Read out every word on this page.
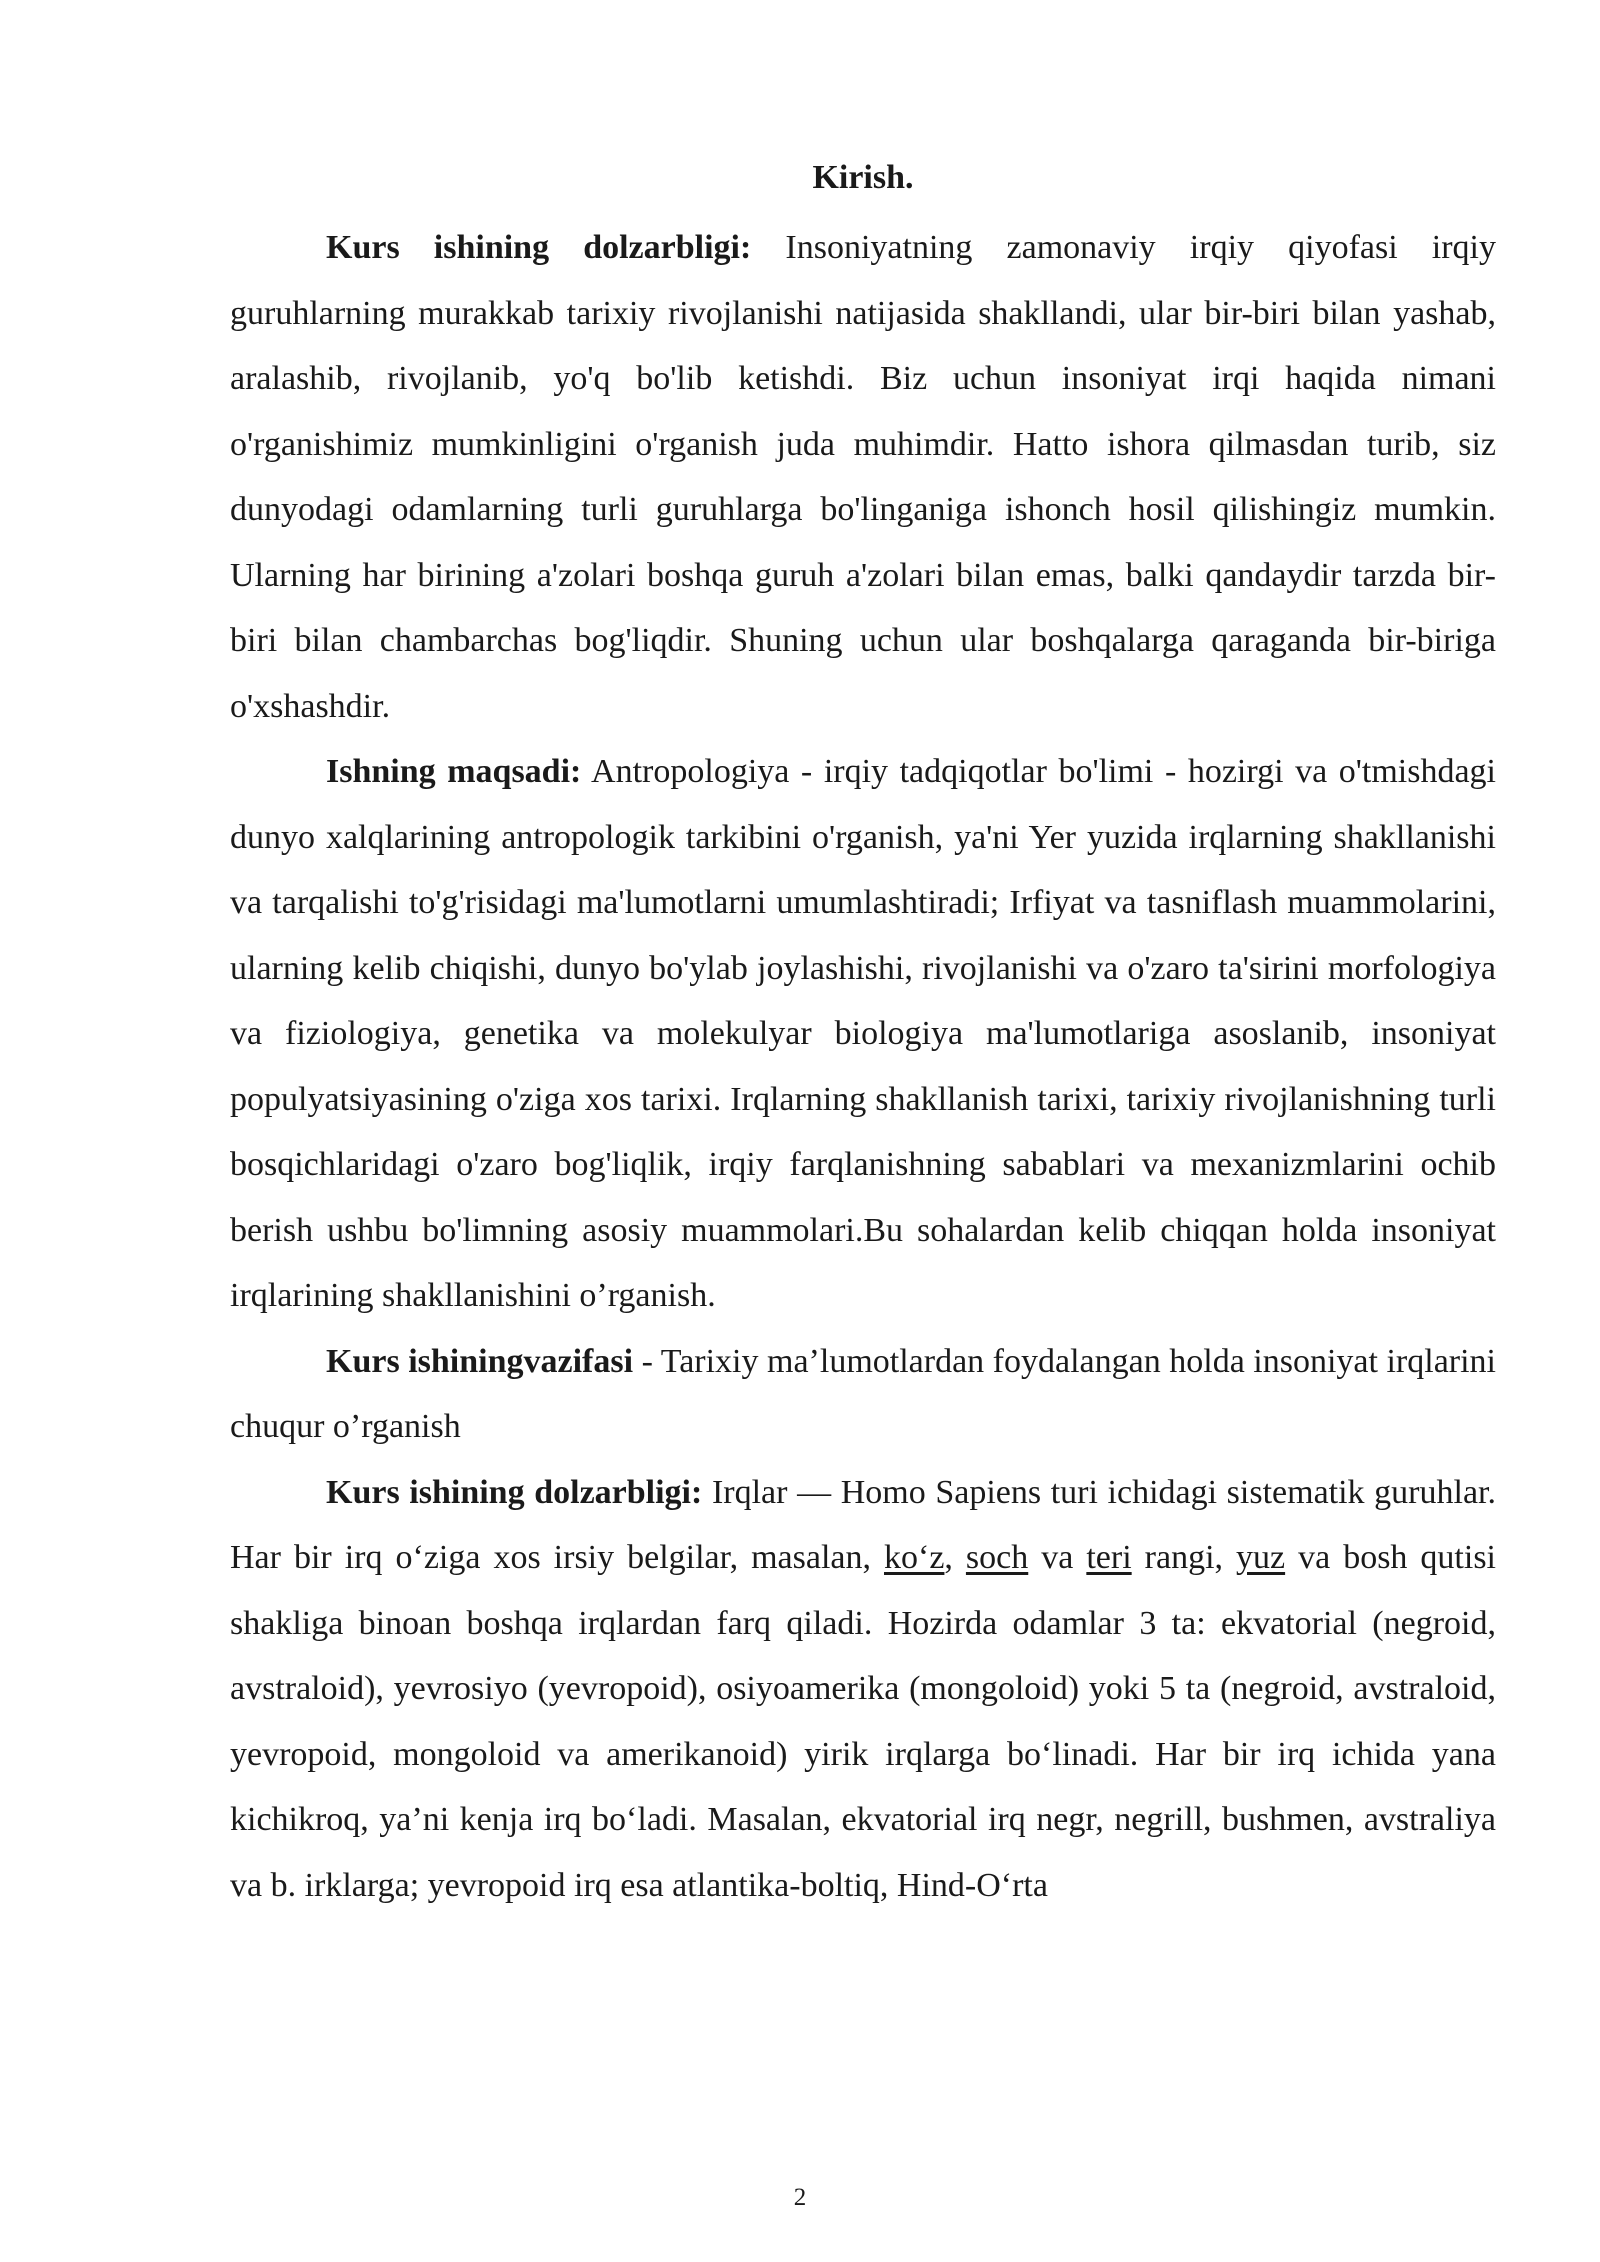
Kirish.

Kurs ishining dolzarbligi: Insoniyatning zamonaviy irqiy qiyofasi irqiy guruhlarning murakkab tarixiy rivojlanishi natijasida shakllandi, ular bir-biri bilan yashab, aralashib, rivojlanib, yo'q bo'lib ketishdi. Biz uchun insoniyat irqi haqida nimani o'rganishimiz mumkinligini o'rganish juda muhimdir. Hatto ishora qilmasdan turib, siz dunyodagi odamlarning turli guruhlarga bo'linganiga ishonch hosil qilishingiz mumkin. Ularning har birining a'zolari boshqa guruh a'zolari bilan emas, balki qandaydir tarzda bir-biri bilan chambarchas bog'liqdir. Shuning uchun ular boshqalarga qaraganda bir-biriga o'xshashdir.

Ishning maqsadi: Antropologiya - irqiy tadqiqotlar bo'limi - hozirgi va o'tmishdagi dunyo xalqlarining antropologik tarkibini o'rganish, ya'ni Yer yuzida irqlarning shakllanishi va tarqalishi to'g'risidagi ma'lumotlarni umumlashtiradi; Irfiyat va tasniflash muammolarini, ularning kelib chiqishi, dunyo bo'ylab joylashishi, rivojlanishi va o'zaro ta'sirini morfologiya va fiziologiya, genetika va molekulyar biologiya ma'lumotlariga asoslanib, insoniyat populyatsiyasining o'ziga xos tarixi. Irqlarning shakllanish tarixi, tarixiy rivojlanishning turli bosqichlaridagi o'zaro bog'liqlik, irqiy farqlanishning sabablari va mexanizmlarini ochib berish ushbu bo'limning asosiy muammolari.Bu sohalardan kelib chiqqan holda insoniyat irqlarining shakllanishini o’rganish.

Kurs ishiningvazifasi - Tarixiy ma’lumotlardan foydalangan holda insoniyat irqlarini chuqur o’rganish

Kurs ishining dolzarbligi: Irqlar — Homo Sapiens turi ichidagi sistematik guruhlar. Har bir irq o‘ziga xos irsiy belgilar, masalan, ko‘z, soch va teri rangi, yuz va bosh qutisi shakliga binoan boshqa irqlardan farq qiladi. Hozirda odamlar 3 ta: ekvatorial (negroid, avstraloid), yevrosiyo (yevropoid), osiyoamerika (mongoloid) yoki 5 ta (negroid, avstraloid, yevropoid, mongoloid va amerikanoid) yirik irqlarga bo‘linadi. Har bir irq ichida yana kichikroq, ya’ni kenja irq bo‘ladi. Masalan, ekvatorial irq negr, negrill, bushmen, avstraliya va b. irklarga; yevropoid irq esa atlantika-boltiq, Hind-O‘rta

2
